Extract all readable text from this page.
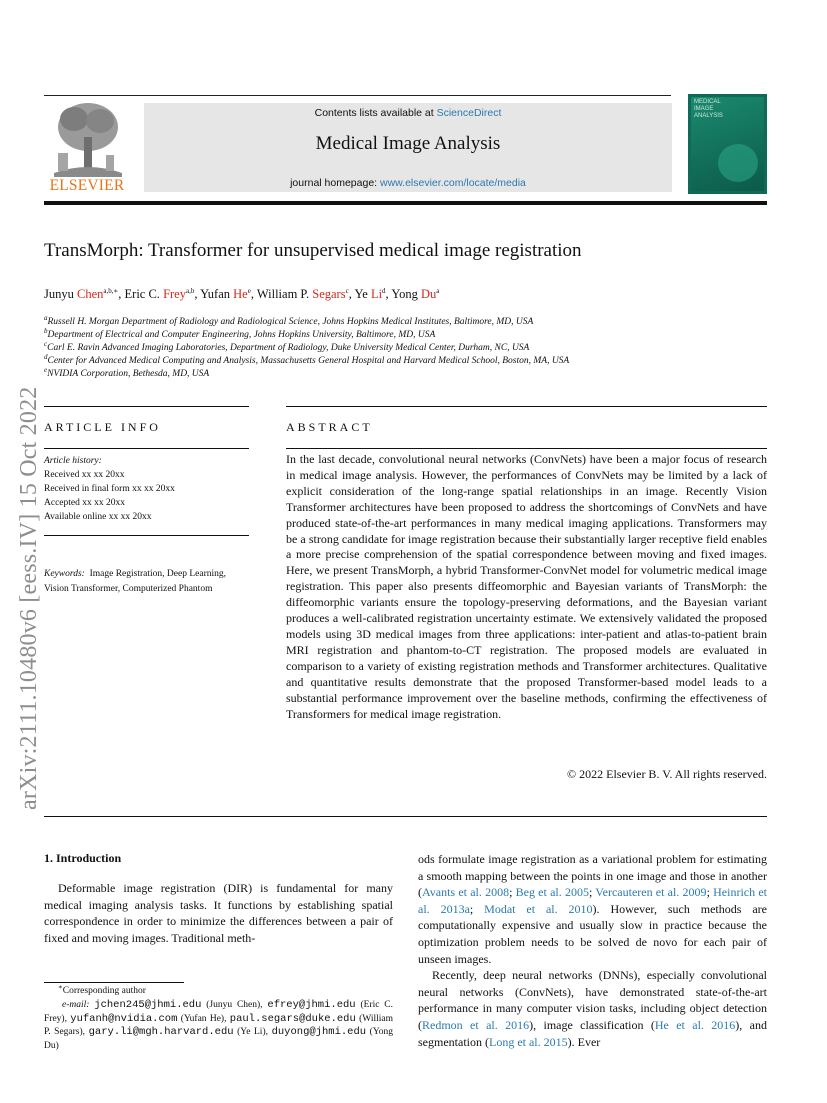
arXiv:2111.10480v6 [eess.IV] 15 Oct 2022
ELSEVIER
Contents lists available at ScienceDirect
Medical Image Analysis
journal homepage: www.elsevier.com/locate/media
MEDICAL
IMAGE
ANALYSIS
TransMorph: Transformer for unsupervised medical image registration
Junyu Chen$^{a,b,∗}$, Eric C. Frey$^{a,b}$, Yufan He$^e$, William P. Segars$^c$, Ye Li$^d$, Yong Du$^a$
$^a$Russell H. Morgan Department of Radiology and Radiological Science, Johns Hopkins Medical Institutes, Baltimore, MD, USA
$^b$Department of Electrical and Computer Engineering, Johns Hopkins University, Baltimore, MD, USA
$^c$Carl E. Ravin Advanced Imaging Laboratories, Department of Radiology, Duke University Medical Center, Durham, NC, USA
$^d$Center for Advanced Medical Computing and Analysis, Massachusetts General Hospital and Harvard Medical School, Boston, MA, USA
$^e$NVIDIA Corporation, Bethesda, MD, USA
ARTICLE INFO
Article history:
Received xx xx 20xx
Received in final form xx xx 20xx
Accepted xx xx 20xx
Available online xx xx 20xx
Keywords: Image Registration, Deep Learning, Vision Transformer, Computerized Phantom
ABSTRACT
In the last decade, convolutional neural networks (ConvNets) have been a major focus of research in medical image analysis. However, the performances of ConvNets may be limited by a lack of explicit consideration of the long-range spatial relationships in an image. Recently Vision Transformer architectures have been proposed to address the shortcomings of ConvNets and have produced state-of-the-art performances in many medical imaging applications. Transformers may be a strong candidate for image registration because their substantially larger receptive field enables a more precise comprehension of the spatial correspondence between moving and fixed images. Here, we present TransMorph, a hybrid Transformer-ConvNet model for volumetric medical image registration. This paper also presents diffeomorphic and Bayesian variants of TransMorph: the diffeomorphic variants ensure the topology-preserving deformations, and the Bayesian variant produces a well-calibrated registration uncertainty estimate. We extensively validated the proposed models using 3D medical images from three applications: inter-patient and atlas-to-patient brain MRI registration and phantom-to-CT registration. The proposed models are evaluated in comparison to a variety of existing registration methods and Transformer architectures. Qualitative and quantitative results demonstrate that the proposed Transformer-based model leads to a substantial performance improvement over the baseline methods, confirming the effectiveness of Transformers for medical image registration.
© 2022 Elsevier B. V. All rights reserved.
1. Introduction

Deformable image registration (DIR) is fundamental for many medical imaging analysis tasks. It functions by establishing spatial correspondence in order to minimize the differences between a pair of fixed and moving images. Traditional meth-

ods formulate image registration as a variational problem for estimating a smooth mapping between the points in one image and those in another (Avants et al. 2008; Beg et al. 2005; Vercauteren et al. 2009; Heinrich et al. 2013a; Modat et al. 2010). However, such methods are computationally expensive and usually slow in practice because the optimization problem needs to be solved de novo for each pair of unseen images.

Recently, deep neural networks (DNNs), especially convolutional neural networks (ConvNets), have demonstrated state-of-the-art performance in many computer vision tasks, including object detection (Redmon et al. 2016), image classification (He et al. 2016), and segmentation (Long et al. 2015). Ever

∗Corresponding author
e-mail: jchen245@jhmi.edu (Junyu Chen), efrey@jhmi.edu (Eric C. Frey), yufanh@nvidia.com (Yufan He), paul.segars@duke.edu (William P. Segars), gary.li@mgh.harvard.edu (Ye Li), duyong@jhmi.edu (Yong Du)
